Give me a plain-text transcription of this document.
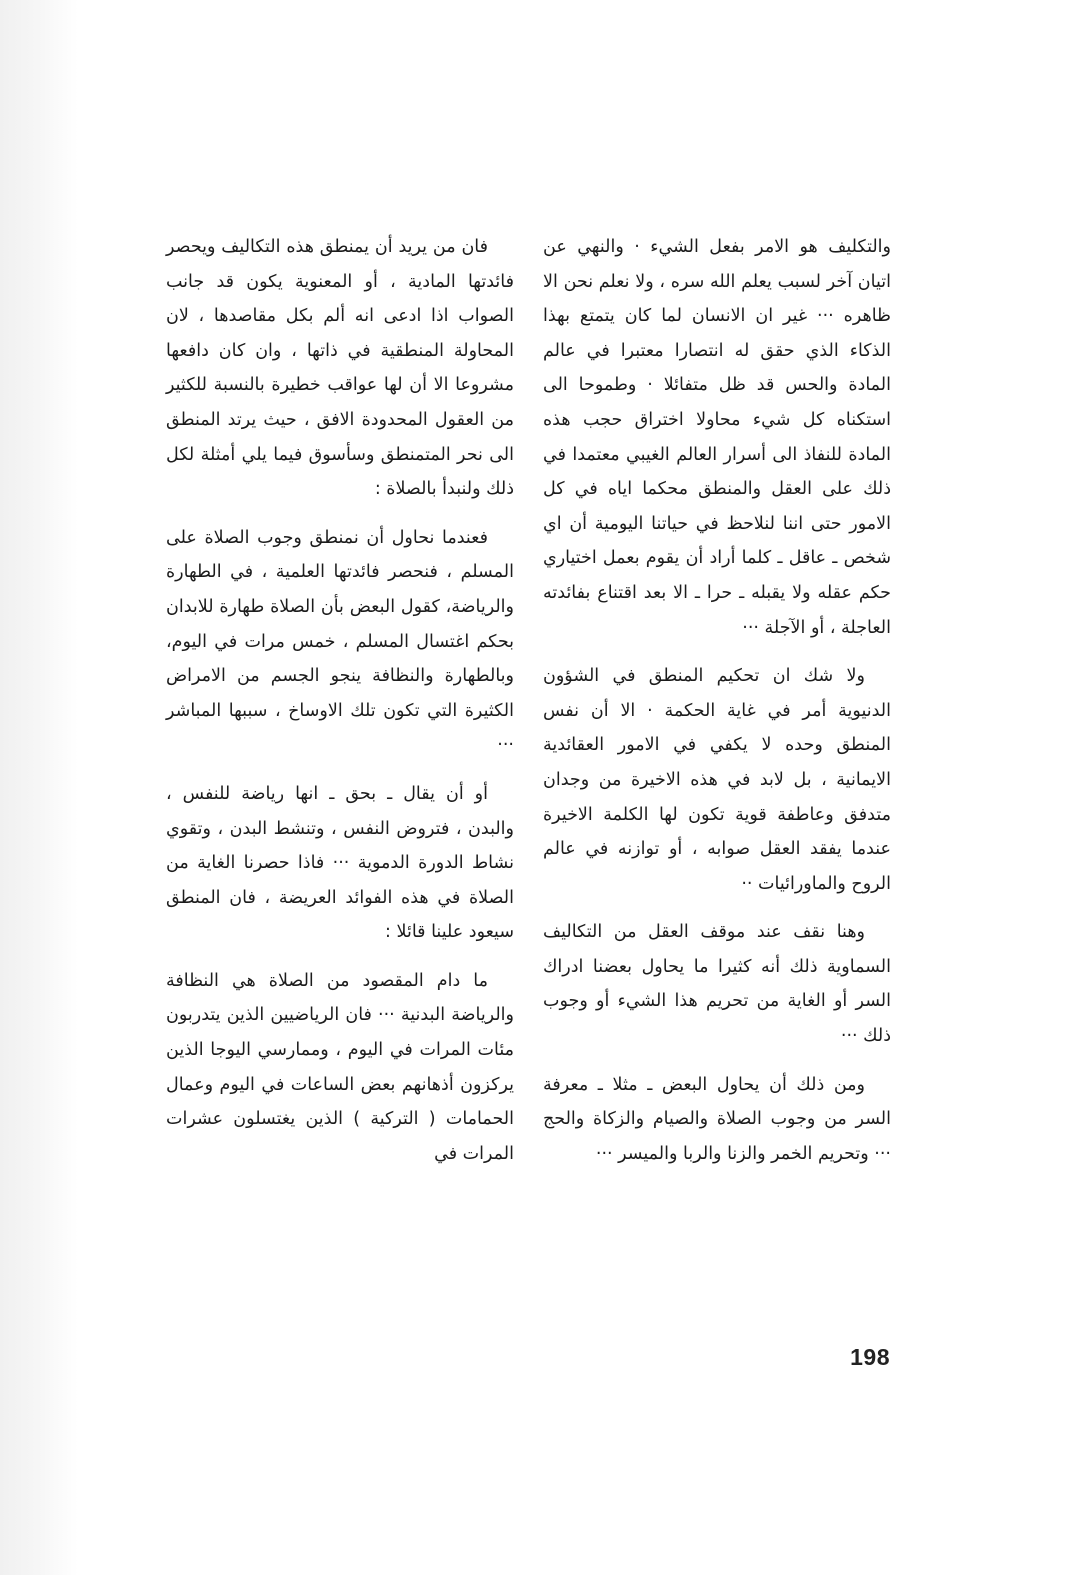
والتكليف هو الامر بفعل الشيء · والنهي عن اتيان آخر لسبب يعلم الله سره ، ولا نعلم نحن الا ظاهره ··· غير ان الانسان لما كان يتمتع بهذا الذكاء الذي حقق له انتصارا معتبرا في عالم المادة والحس قد ظل متفائلا · وطموحا الى استكناه كل شيء محاولا اختراق حجب هذه المادة للنفاذ الى أسرار العالم الغيبي معتمدا في ذلك على العقل والمنطق محكما اياه في كل الامور حتى اننا لنلاحظ في حياتنا اليومية أن اي شخص ـ عاقل ـ كلما أراد أن يقوم بعمل اختياري حكم عقله ولا يقبله ـ حرا ـ الا بعد اقتناع بفائدته العاجلة ، أو الآجلة ···

ولا شك ان تحكيم المنطق في الشؤون الدنيوية أمر في غاية الحكمة · الا أن نفس المنطق وحده لا يكفي في الامور العقائدية الايمانية ، بل لابد في هذه الاخيرة من وجدان متدفق وعاطفة قوية تكون لها الكلمة الاخيرة عندما يفقد العقل صوابه ، أو توازنه في عالم الروح والماورائيات ··

وهنا نقف عند موقف العقل من التكاليف السماوية ذلك أنه كثيرا ما يحاول بعضنا ادراك السر أو الغاية من تحريم هذا الشيء أو وجوب ذلك ···

ومن ذلك أن يحاول البعض ـ مثلا ـ معرفة السر من وجوب الصلاة والصيام والزكاة والحج ··· وتحريم الخمر والزنا والربا والميسر ···

فان من يريد أن يمنطق هذه التكاليف ويحصر فائدتها المادية ، أو المعنوية يكون قد جانب الصواب اذا ادعى انه ألم بكل مقاصدها ، لان المحاولة المنطقية في ذاتها ، وان كان دافعها مشروعا الا أن لها عواقب خطيرة بالنسبة للكثير من العقول المحدودة الافق ، حيث يرتد المنطق الى نحر المتمنطق وسأسوق فيما يلي أمثلة لكل ذلك ولنبدأ بالصلاة :

فعندما نحاول أن نمنطق وجوب الصلاة على المسلم ، فنحصر فائدتها العلمية ، في الطهارة والرياضة، كقول البعض بأن الصلاة طهارة للابدان بحكم اغتسال المسلم ، خمس مرات في اليوم، وبالطهارة والنظافة ينجو الجسم من الامراض الكثيرة التي تكون تلك الاوساخ ، سببها المباشر ···

أو أن يقال ـ بحق ـ انها رياضة للنفس ، والبدن ، فتروض النفس ، وتنشط البدن ، وتقوي نشاط الدورة الدموية ··· فاذا حصرنا الغاية من الصلاة في هذه الفوائد العريضة ، فان المنطق سيعود علينا قائلا :

ما دام المقصود من الصلاة هي النظافة والرياضة البدنية ··· فان الرياضيين الذين يتدربون مئات المرات في اليوم ، وممارسي اليوجا الذين يركزون أذهانهم بعض الساعات في اليوم وعمال الحمامات ( التركية ) الذين يغتسلون عشرات المرات في

198
